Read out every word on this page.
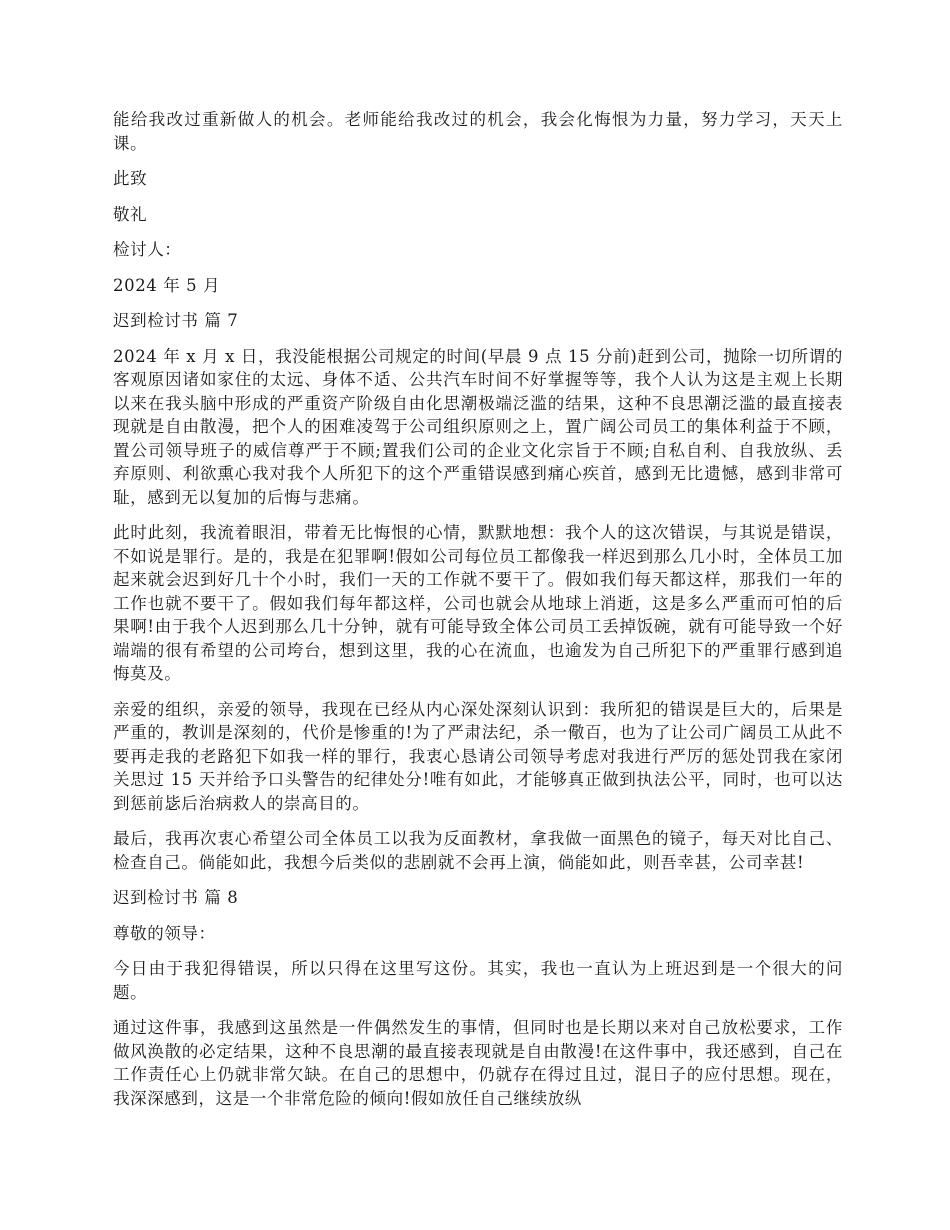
能给我改过重新做人的机会。老师能给我改过的机会，我会化悔恨为力量，努力学习，天天上课。

此致

敬礼

检讨人：

2024 年 5 月

迟到检讨书 篇 7

2024 年 x 月 x 日，我没能根据公司规定的时间(早晨 9 点 15 分前)赶到公司，抛除一切所谓的客观原因诸如家住的太远、身体不适、公共汽车时间不好掌握等等，我个人认为这是主观上长期以来在我头脑中形成的严重资产阶级自由化思潮极端泛滥的结果，这种不良思潮泛滥的最直接表现就是自由散漫，把个人的困难凌驾于公司组织原则之上，置广阔公司员工的集体利益于不顾，置公司领导班子的威信尊严于不顾;置我们公司的企业文化宗旨于不顾;自私自利、自我放纵、丢弃原则、利欲熏心我对我个人所犯下的这个严重错误感到痛心疾首，感到无比遗憾，感到非常可耻，感到无以复加的后悔与悲痛。

此时此刻，我流着眼泪，带着无比悔恨的心情，默默地想：我个人的这次错误，与其说是错误，不如说是罪行。是的，我是在犯罪啊!假如公司每位员工都像我一样迟到那么几小时，全体员工加起来就会迟到好几十个小时，我们一天的工作就不要干了。假如我们每天都这样，那我们一年的工作也就不要干了。假如我们每年都这样，公司也就会从地球上消逝，这是多么严重而可怕的后果啊!由于我个人迟到那么几十分钟，就有可能导致全体公司员工丢掉饭碗，就有可能导致一个好端端的很有希望的公司垮台，想到这里，我的心在流血，也逾发为自己所犯下的严重罪行感到追悔莫及。

亲爱的组织，亲爱的领导，我现在已经从内心深处深刻认识到：我所犯的错误是巨大的，后果是严重的，教训是深刻的，代价是惨重的!为了严肃法纪，杀一儆百，也为了让公司广阔员工从此不要再走我的老路犯下如我一样的罪行，我衷心恳请公司领导考虑对我进行严厉的惩处罚我在家闭关思过 15 天并给予口头警告的纪律处分!唯有如此，才能够真正做到执法公平，同时，也可以达到惩前毖后治病救人的崇高目的。

最后，我再次衷心希望公司全体员工以我为反面教材，拿我做一面黑色的镜子，每天对比自己、检查自己。倘能如此，我想今后类似的悲剧就不会再上演，倘能如此，则吾幸甚，公司幸甚!

迟到检讨书 篇 8

尊敬的领导：

今日由于我犯得错误，所以只得在这里写这份。其实，我也一直认为上班迟到是一个很大的问题。

通过这件事，我感到这虽然是一件偶然发生的事情，但同时也是长期以来对自己放松要求，工作做风涣散的必定结果，这种不良思潮的最直接表现就是自由散漫!在这件事中，我还感到，自己在工作责任心上仍就非常欠缺。在自己的思想中，仍就存在得过且过，混日子的应付思想。现在，我深深感到，这是一个非常危险的倾向!假如放任自己继续放纵
